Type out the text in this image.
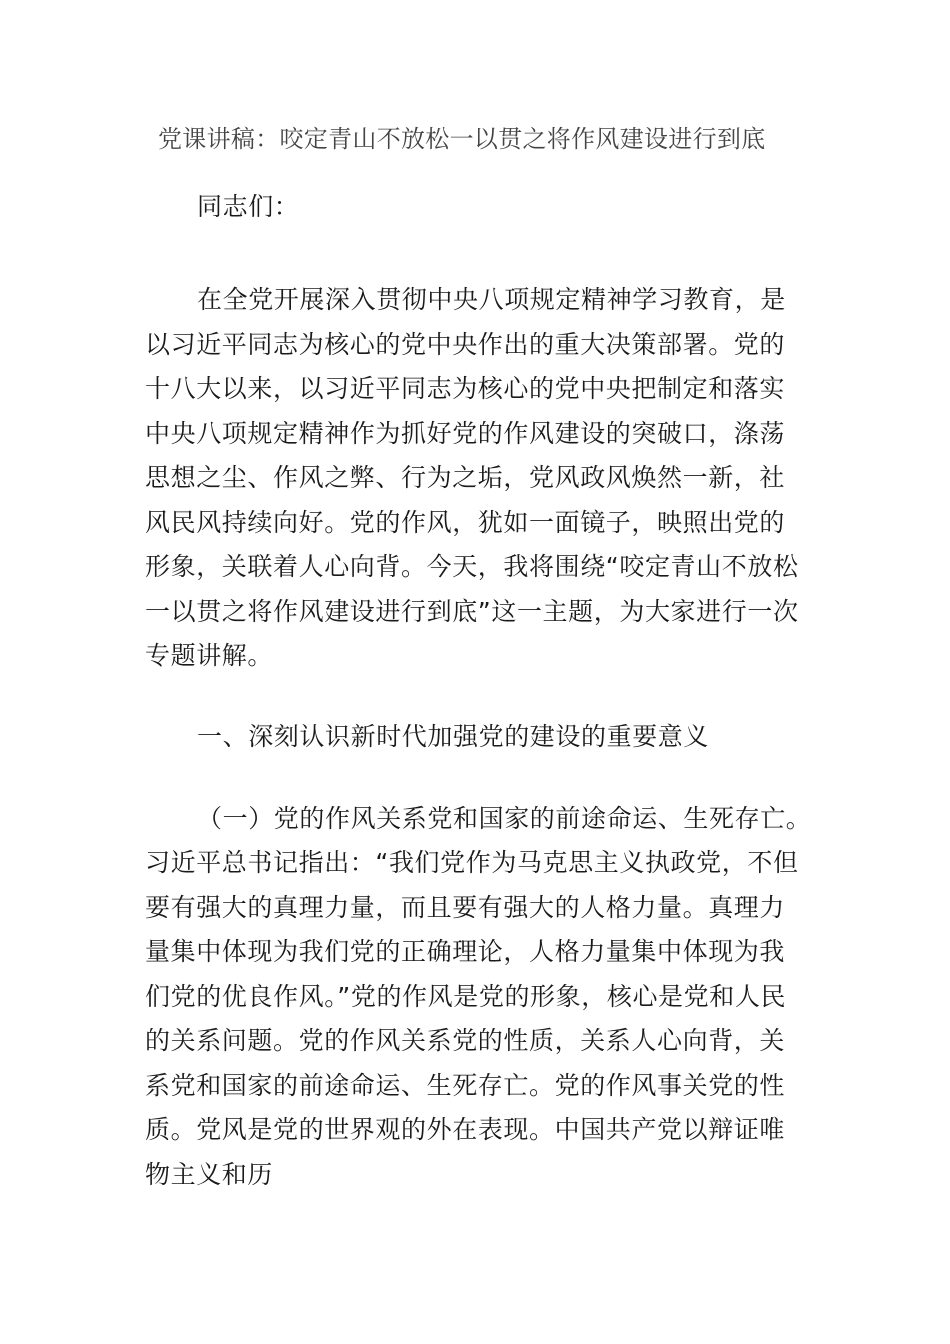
党课讲稿：咬定青山不放松一以贯之将作风建设进行到底
同志们：
在全党开展深入贯彻中央八项规定精神学习教育，是
以习近平同志为核心的党中央作出的重大决策部署。党的
十八大以来，以习近平同志为核心的党中央把制定和落实
中央八项规定精神作为抓好党的作风建设的突破口，涤荡
思想之尘、作风之弊、行为之垢，党风政风焕然一新，社
风民风持续向好。党的作风，犹如一面镜子，映照出党的
形象，关联着人心向背。今天，我将围绕“咬定青山不放松
一以贯之将作风建设进行到底”这一主题，为大家进行一次
专题讲解。
一、深刻认识新时代加强党的建设的重要意义
（一）党的作风关系党和国家的前途命运、生死存亡。
习近平总书记指出：“我们党作为马克思主义执政党，不但
要有强大的真理力量，而且要有强大的人格力量。真理力
量集中体现为我们党的正确理论，人格力量集中体现为我
们党的优良作风。”党的作风是党的形象，核心是党和人民
的关系问题。党的作风关系党的性质，关系人心向背，关
系党和国家的前途命运、生死存亡。党的作风事关党的性
质。党风是党的世界观的外在表现。中国共产党以辩证唯
物主义和历
